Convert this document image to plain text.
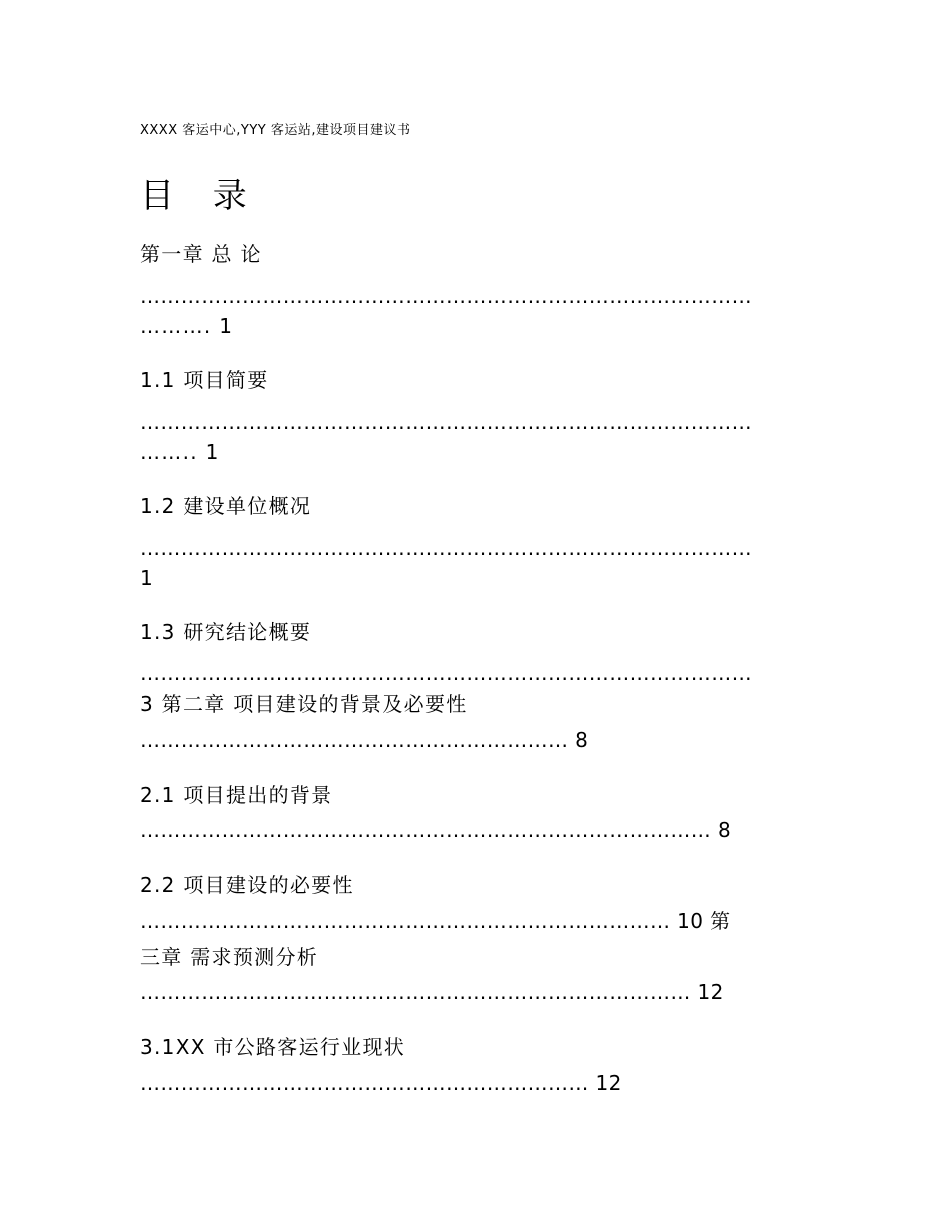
XXXX 客运中心,YYY 客运站,建设项目建议书
目 录
第一章 总 论
………………………………………………………………………………
………. 1
1.1 项目简要
………………………………………………………………………………
…….. 1
1.2 建设单位概况
………………………………………………………………………………
1
1.3 研究结论概要
………………………………………………………………………………
3 第二章 项目建设的背景及必要性
……………………………………………………… 8
2.1 项目提出的背景
………………………………………………………………………… 8
2.2 项目建设的必要性
…………………………………………………………………… 10 第
三章 需求预测分析
……………………………………………………………………… 12
3.1XX 市公路客运行业现状
………………………………………………………… 12
